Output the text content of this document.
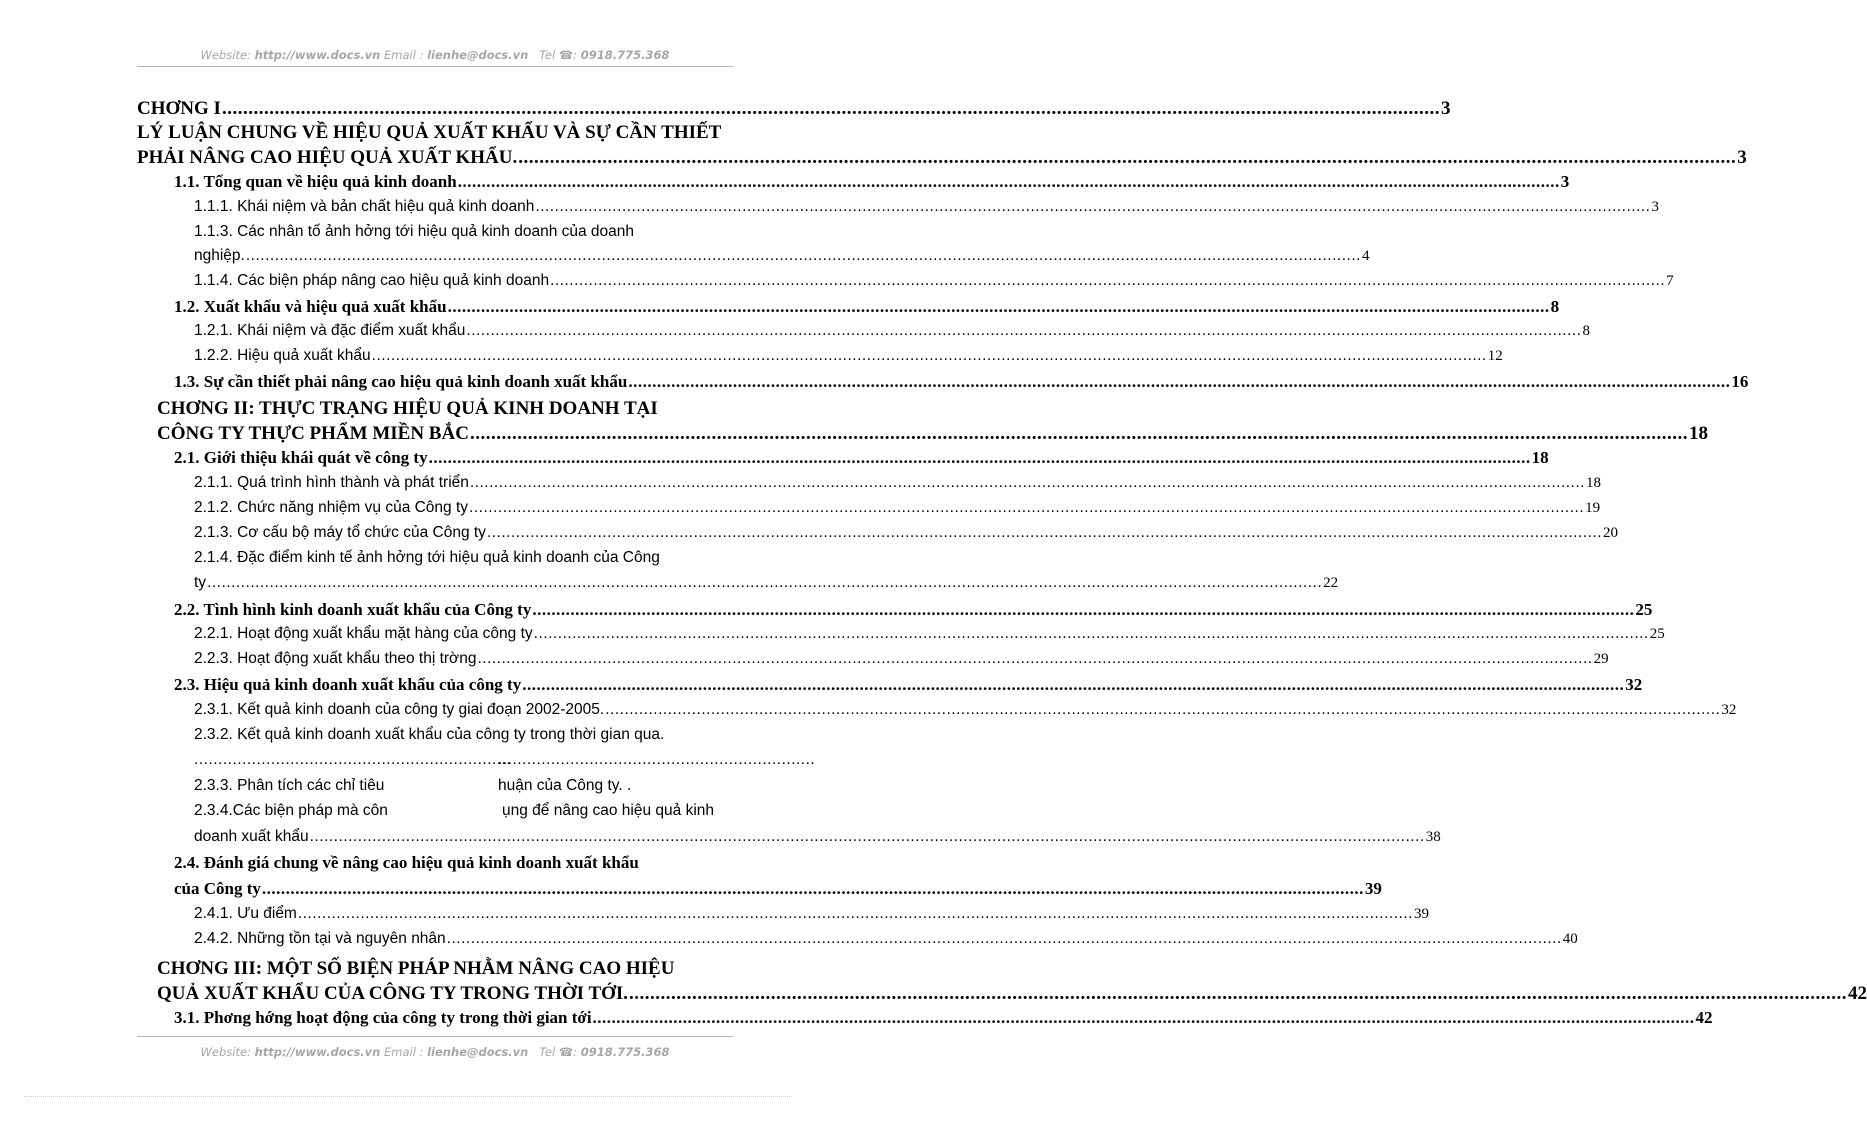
Website: http://www.docs.vn Email : lienhe@docs.vn Tel ☎: 0918.775.368
CHƠNG I .....	3
LÝ LUẬN CHUNG VỀ HIỆU QUẢ XUẤT KHẨU VÀ SỰ CẦN THIẾT
PHẢI NÂNG CAO HIỆU QUẢ XUẤT KHẨU. .....	3
1.1. Tổng quan về hiệu quả kinh doanh .....	3
1.1.1. Khái niệm và bản chất hiệu quả kinh doanh .....	3
1.1.3. Các nhân tố ảnh hởng tới hiệu quả kinh doanh của doanh
nghiệp. .....	4
1.1.4. Các biện pháp nâng cao hiệu quả kinh doanh .....	7
1.2. Xuất khẩu và hiệu quả xuất khẩu .....	8
1.2.1. Khái niệm và đặc điểm xuất khẩu .....	8
1.2.2. Hiệu quả xuất khẩu .....	12
1.3. Sự cần thiết phải nâng cao hiệu quả kinh doanh xuất khẩu .....	16
CHƠNG II: THỰC TRẠNG HIỆU QUẢ KINH DOANH TẠI
CÔNG TY THỰC PHẨM MIỀN BẮC .....	18
2.1. Giới thiệu khái quát về công ty .....	18
2.1.1. Quá trình hình thành và phát triển .....	18
2.1.2. Chức năng nhiệm vụ của Công ty .....	19
2.1.3. Cơ cấu bộ máy tổ chức của Công ty .....	20
2.1.4. Đặc điểm kinh tế ảnh hởng tới hiệu quả kinh doanh của Công
ty .....	22
2.2. Tình hình kinh doanh xuất khẩu của Công ty .....	25
2.2.1. Hoạt động xuất khẩu mặt hàng của công ty .....	25
2.2.3. Hoạt động xuất khẩu theo thị trờng .....	29
2.3. Hiệu quả kinh doanh xuất khẩu của công ty .....	32
2.3.1. Kết quả kinh doanh của công ty giai đoạn 2002-2005. .....	32
2.3.2. Kết quả kinh doanh xuất khẩu của công ty trong thời gian qua.
..................................................................
..................................................................
2.3.3. Phân tích các chỉ tiêu	huận của Công ty. .
2.3.4.Các biện pháp mà côn	ụng để nâng cao hiệu quả kinh
doanh xuất khẩu .....	38
2.4. Đánh giá chung về nâng cao hiệu quả kinh doanh xuất khẩu
của Công ty .....	39
2.4.1. Ưu điểm .....	39
2.4.2. Những tồn tại và nguyên nhân .....	40
CHƠNG III: MỘT SỐ BIỆN PHÁP NHẰM NÂNG CAO HIỆU
QUẢ XUẤT KHẨU CỦA CÔNG TY TRONG THỜI TỚI. .....	42
3.1. Phơng hớng hoạt động của công ty trong thời gian tới .....	42
Website: http://www.docs.vn Email : lienhe@docs.vn Tel ☎: 0918.775.368
